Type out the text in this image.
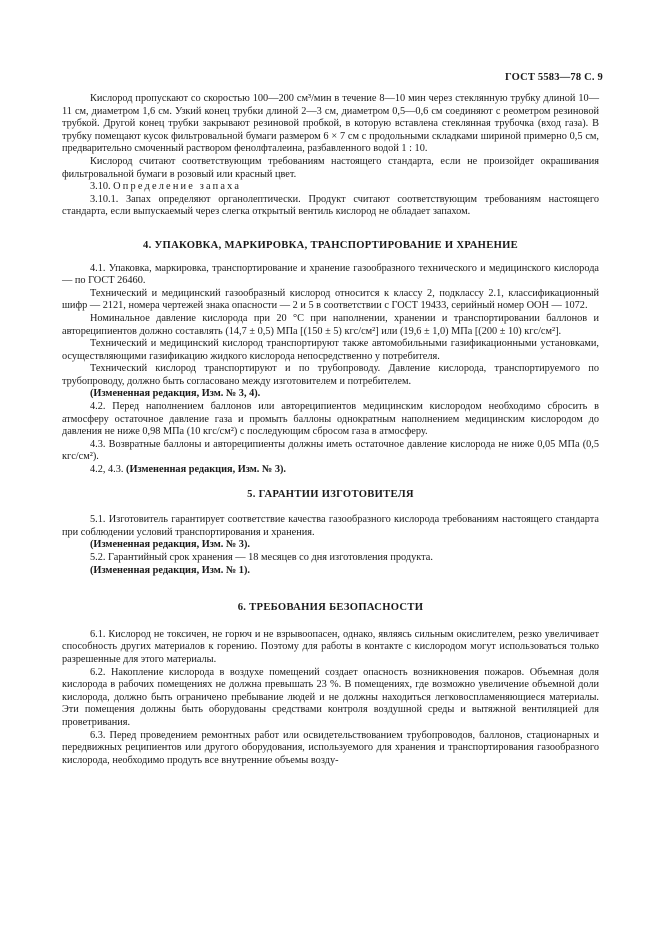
ГОСТ 5583—78 С. 9

Кислород пропускают со скоростью 100—200 см³/мин в течение 8—10 мин через стеклянную трубку длиной 10—11 см, диаметром 1,6 см. Узкий конец трубки длиной 2—3 см, диаметром 0,5—0,6 см соединяют с реометром резиновой трубкой. Другой конец трубки закрывают резиновой пробкой, в которую вставлена стеклянная трубочка (вход газа). В трубку помещают кусок фильтровальной бумаги размером 6 × 7 см с продольными складками шириной примерно 0,5 см, предварительно смоченный раствором фенолфталеина, разбавленного водой 1 : 10.

Кислород считают соответствующим требованиям настоящего стандарта, если не произойдет окрашивания фильтровальной бумаги в розовый или красный цвет.

3.10. Определение запаха

3.10.1. Запах определяют органолептически. Продукт считают соответствующим требованиям настоящего стандарта, если выпускаемый через слегка открытый вентиль кислород не обладает запахом.

4. УПАКОВКА, МАРКИРОВКА, ТРАНСПОРТИРОВАНИЕ И ХРАНЕНИЕ

4.1. Упаковка, маркировка, транспортирование и хранение газообразного технического и медицинского кислорода — по ГОСТ 26460.

Технический и медицинский газообразный кислород относится к классу 2, подклассу 2.1, классификационный шифр — 2121, номера чертежей знака опасности — 2 и 5 в соответствии с ГОСТ 19433, серийный номер ООН — 1072.

Номинальное давление кислорода при 20 °С при наполнении, хранении и транспортировании баллонов и автореципиентов должно составлять (14,7 ± 0,5) МПа [(150 ± 5) кгс/см²] или (19,6 ± 1,0) МПа [(200 ± 10) кгс/см²].

Технический и медицинский кислород транспортируют также автомобильными газификационными установками, осуществляющими газификацию жидкого кислорода непосредственно у потребителя.

Технический кислород транспортируют и по трубопроводу. Давление кислорода, транспортируемого по трубопроводу, должно быть согласовано между изготовителем и потребителем.

(Измененная редакция, Изм. № 3, 4).

4.2. Перед наполнением баллонов или автореципиентов медицинским кислородом необходимо сбросить в атмосферу остаточное давление газа и промыть баллоны однократным наполнением медицинским кислородом до давления не ниже 0,98 МПа (10 кгс/см²) с последующим сбросом газа в атмосферу.

4.3. Возвратные баллоны и автореципиенты должны иметь остаточное давление кислорода не ниже 0,05 МПа (0,5 кгс/см²).

4.2, 4.3. (Измененная редакция, Изм. № 3).

5. ГАРАНТИИ ИЗГОТОВИТЕЛЯ

5.1. Изготовитель гарантирует соответствие качества газообразного кислорода требованиям настоящего стандарта при соблюдении условий транспортирования и хранения.

(Измененная редакция, Изм. № 3).

5.2. Гарантийный срок хранения — 18 месяцев со дня изготовления продукта.

(Измененная редакция, Изм. № 1).

6. ТРЕБОВАНИЯ БЕЗОПАСНОСТИ

6.1. Кислород не токсичен, не горюч и не взрывоопасен, однако, являясь сильным окислителем, резко увеличивает способность других материалов к горению. Поэтому для работы в контакте с кислородом могут использоваться только разрешенные для этого материалы.

6.2. Накопление кислорода в воздухе помещений создает опасность возникновения пожаров. Объемная доля кислорода в рабочих помещениях не должна превышать 23 %. В помещениях, где возможно увеличение объемной доли кислорода, должно быть ограничено пребывание людей и не должны находиться легковоспламеняющиеся материалы. Эти помещения должны быть оборудованы средствами контроля воздушной среды и вытяжной вентиляцией для проветривания.

6.3. Перед проведением ремонтных работ или освидетельствованием трубопроводов, баллонов, стационарных и передвижных реципиентов или другого оборудования, используемого для хранения и транспортирования газообразного кислорода, необходимо продуть все внутренние объемы возду-
